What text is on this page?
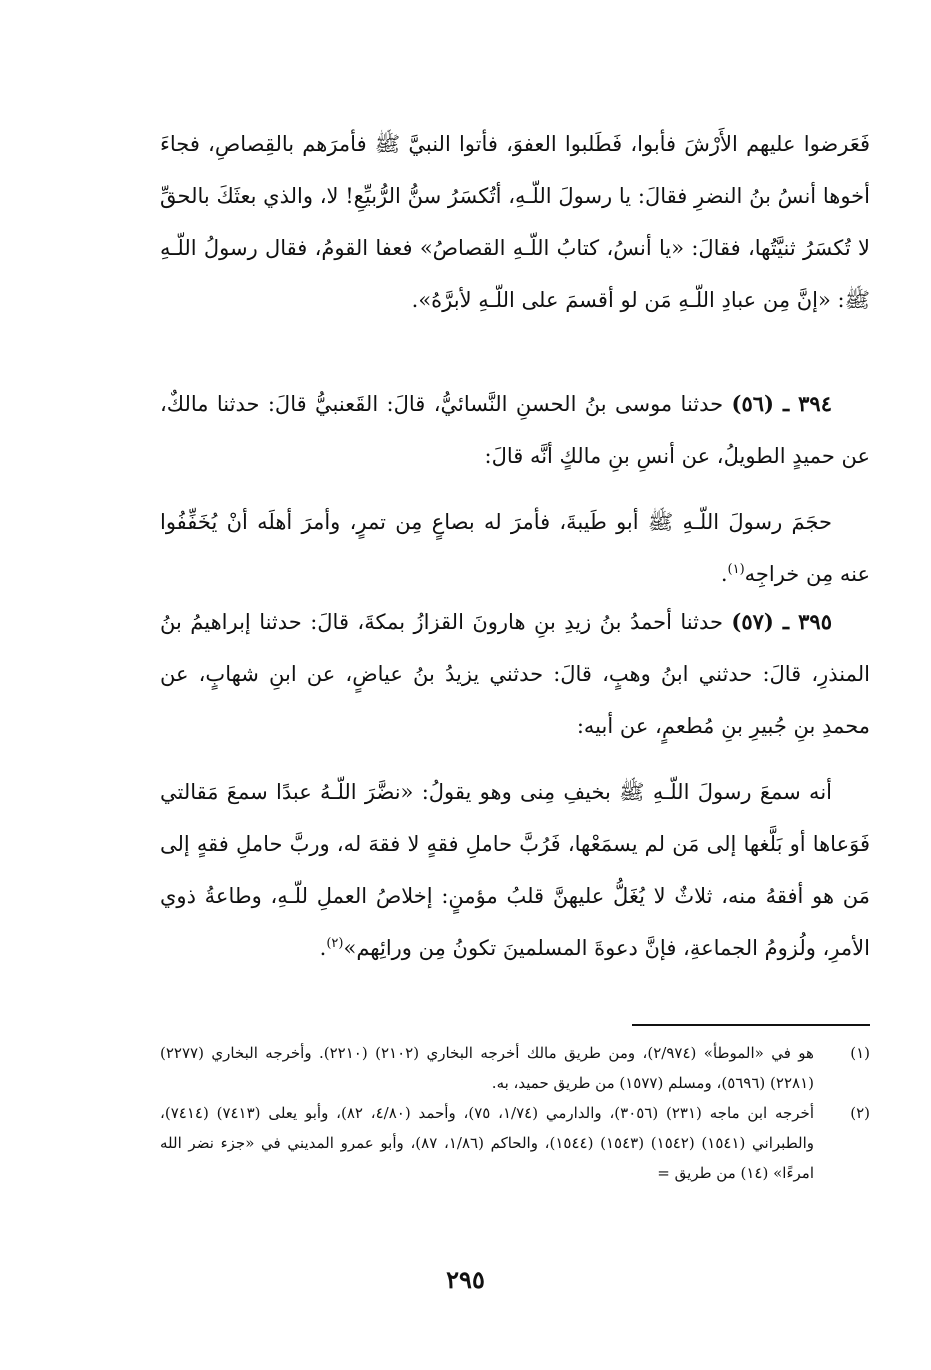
فَعَرضوا عليهم الأَرْشَ فأبوا، فَطَلبوا العفوَ، فأتوا النبيَّ ﷺ فأمرَهم بالقِصاصِ، فجاءَ أخوها أنسُ بنُ النضرِ فقالَ: يا رسولَ اللّـهِ، أتُكسَرُ سنُّ الرُّبيِّعِ! لا، والذي بعثَكَ بالحقِّ لا تُكسَرُ ثنيَّتُها، فقالَ: «يا أنسُ، كتابُ اللّـهِ القصاصُ» فعفا القومُ، فقال رسولُ اللّـهِ ﷺ: «إنَّ مِن عبادِ اللّـهِ مَن لو أقسمَ على اللّـهِ لأبرَّهُ».

٣٩٤ ـ (٥٦) حدثنا موسى بنُ الحسنِ النَّسائيُّ، قالَ: القَعنبيُّ قالَ: حدثنا مالكٌ، عن حميدٍ الطويلُ، عن أنسِ بنِ مالكٍ أنَّه قالَ:

حجَمَ رسولَ اللّـهِ ﷺ أبو طَيبةَ، فأمرَ له بصاعٍ مِن تمرٍ، وأمرَ أهلَه أنْ يُخَفِّفُوا عنه مِن خراجِه$^{(١)}$.

٣٩٥ ـ (٥٧) حدثنا أحمدُ بنُ زيدِ بنِ هارونَ القزازُ بمكةَ، قالَ: حدثنا إبراهيمُ بنُ المنذرِ، قالَ: حدثني ابنُ وهبٍ، قالَ: حدثني يزيدُ بنُ عياضٍ، عن ابنِ شهابٍ، عن محمدِ بنِ جُبيرِ بنِ مُطعمٍ، عن أبيه:

أنه سمعَ رسولَ اللّـهِ ﷺ بخيفِ مِنى وهو يقولُ: «نضَّرَ اللّـهُ عبدًا سمعَ مَقالتي فَوَعاها أو بَلَّغها إلى مَن لم يسمَعْها، فَرُبَّ حاملِ فقهٍ لا فقهَ له، وربَّ حاملِ فقهٍ إلى مَن هو أفقهُ منه، ثلاثٌ لا يُغَلُّ عليهنَّ قلبُ مؤمنٍ: إخلاصُ العملِ للّـهِ، وطاعةُ ذوي الأمرِ، ولُزومُ الجماعةِ، فإنَّ دعوةَ المسلمينَ تكونُ مِن ورائِهم»$^{(٢)}$.

(١)
هو في «الموطأ» (٢/٩٧٤)، ومن طريق مالك أخرجه البخاري (٢١٠٢) (٢٢١٠). وأخرجه البخاري (٢٢٧٧) (٢٢٨١) (٥٦٩٦)، ومسلم (١٥٧٧) من طريق حميد، به.
(٢)
أخرجه ابن ماجه (٢٣١) (٣٠٥٦)، والدارمي (١/٧٤، ٧٥)، وأحمد (٤/٨٠، ٨٢)، وأبو يعلى (٧٤١٣) (٧٤١٤)، والطبراني (١٥٤١) (١٥٤٢) (١٥٤٣) (١٥٤٤)، والحاكم (١/٨٦، ٨٧)، وأبو عمرو المديني في «جزء نضر الله امرءًا» (١٤) من طريق =
٢٩٥
